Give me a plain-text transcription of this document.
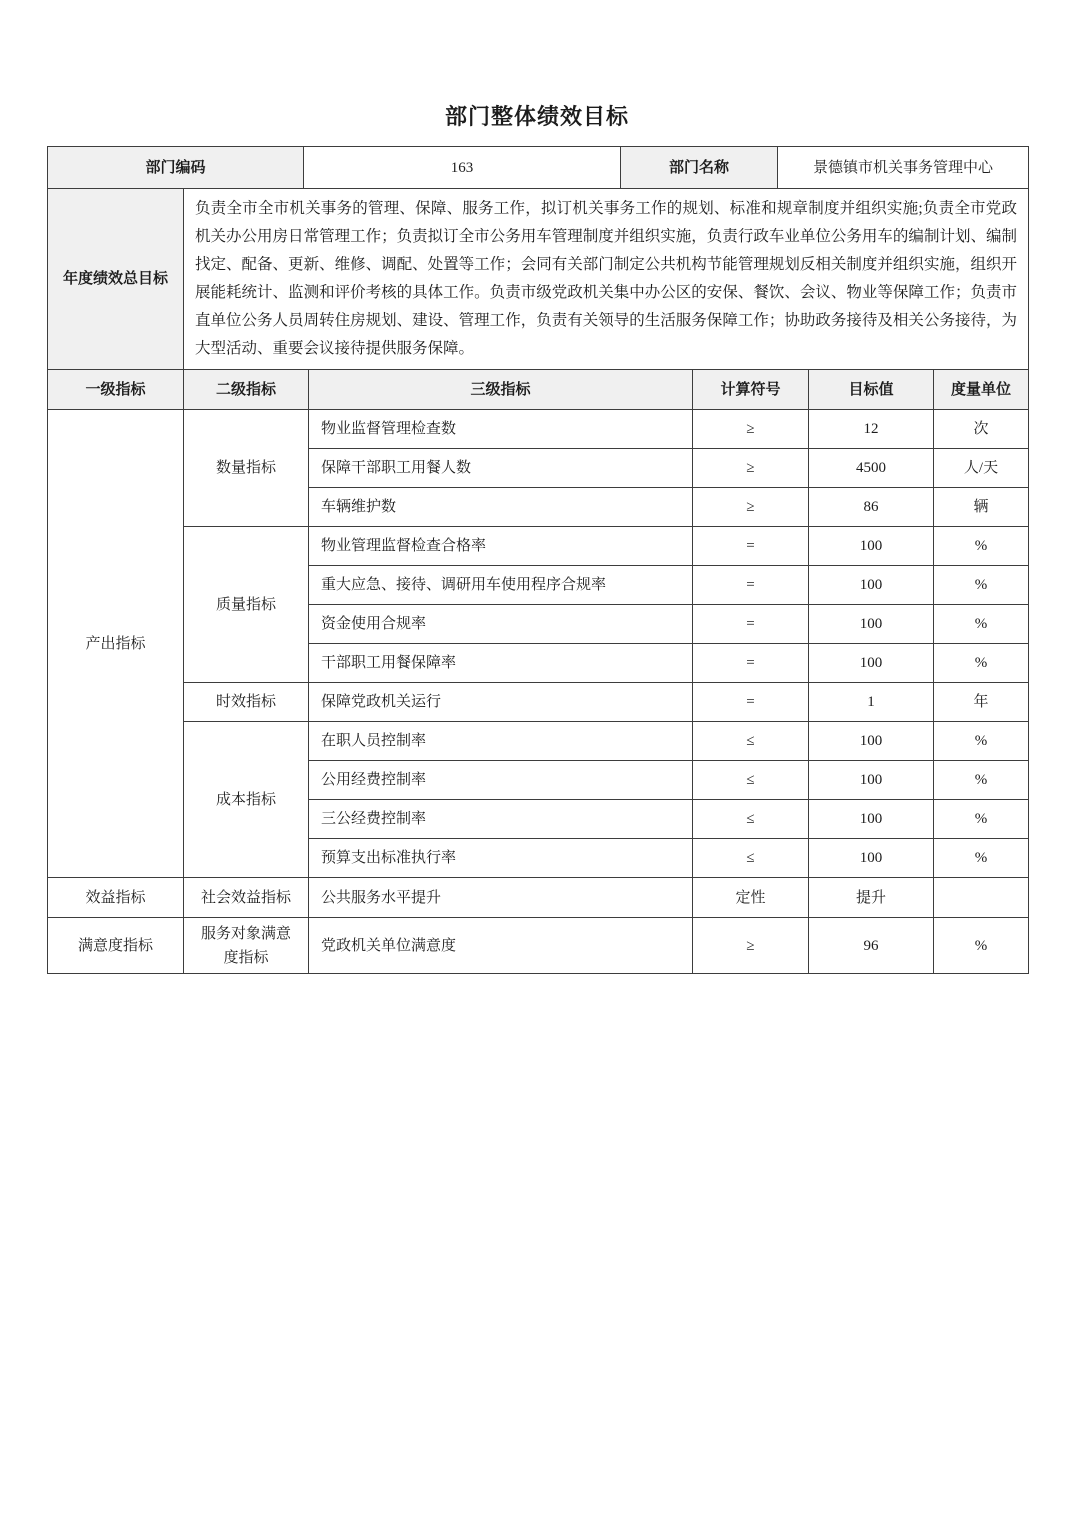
部门整体绩效目标
部门编码	163	部门名称	景德镇市机关事务管理中心
年度绩效总目标	负责全市全市机关事务的管理、保障、服务工作，拟订机关事务工作的规划、标准和规章制度并组织实施;负责全市党政机关办公用房日常管理工作；负责拟订全市公务用车管理制度并组织实施，负责行政车业单位公务用车的编制计划、编制找定、配备、更新、维修、调配、处置等工作；会同有关部门制定公共机构节能管理规划反相关制度并组织实施，组织开展能耗统计、监测和评价考核的具体工作。负责市级党政机关集中办公区的安保、餐饮、会议、物业等保障工作；负责市直单位公务人员周转住房规划、建设、管理工作，负责有关领导的生活服务保障工作；协助政务接待及相关公务接待，为大型活动、重要会议接待提供服务保障。
一级指标	二级指标	三级指标	计算符号	目标值	度量单位
产出指标	数量指标	物业监督管理检查数	≥	12	次
		保障干部职工用餐人数	≥	4500	人/天
		车辆维护数	≥	86	辆
	质量指标	物业管理监督检查合格率	=	100	%
		重大应急、接待、调研用车使用程序合规率	=	100	%
		资金使用合规率	=	100	%
		干部职工用餐保障率	=	100	%
	时效指标	保障党政机关运行	=	1	年
	成本指标	在职人员控制率	≤	100	%
		公用经费控制率	≤	100	%
		三公经费控制率	≤	100	%
		预算支出标准执行率	≤	100	%
效益指标	社会效益指标	公共服务水平提升	定性	提升	
满意度指标	服务对象满意度指标	党政机关单位满意度	≥	96	%
